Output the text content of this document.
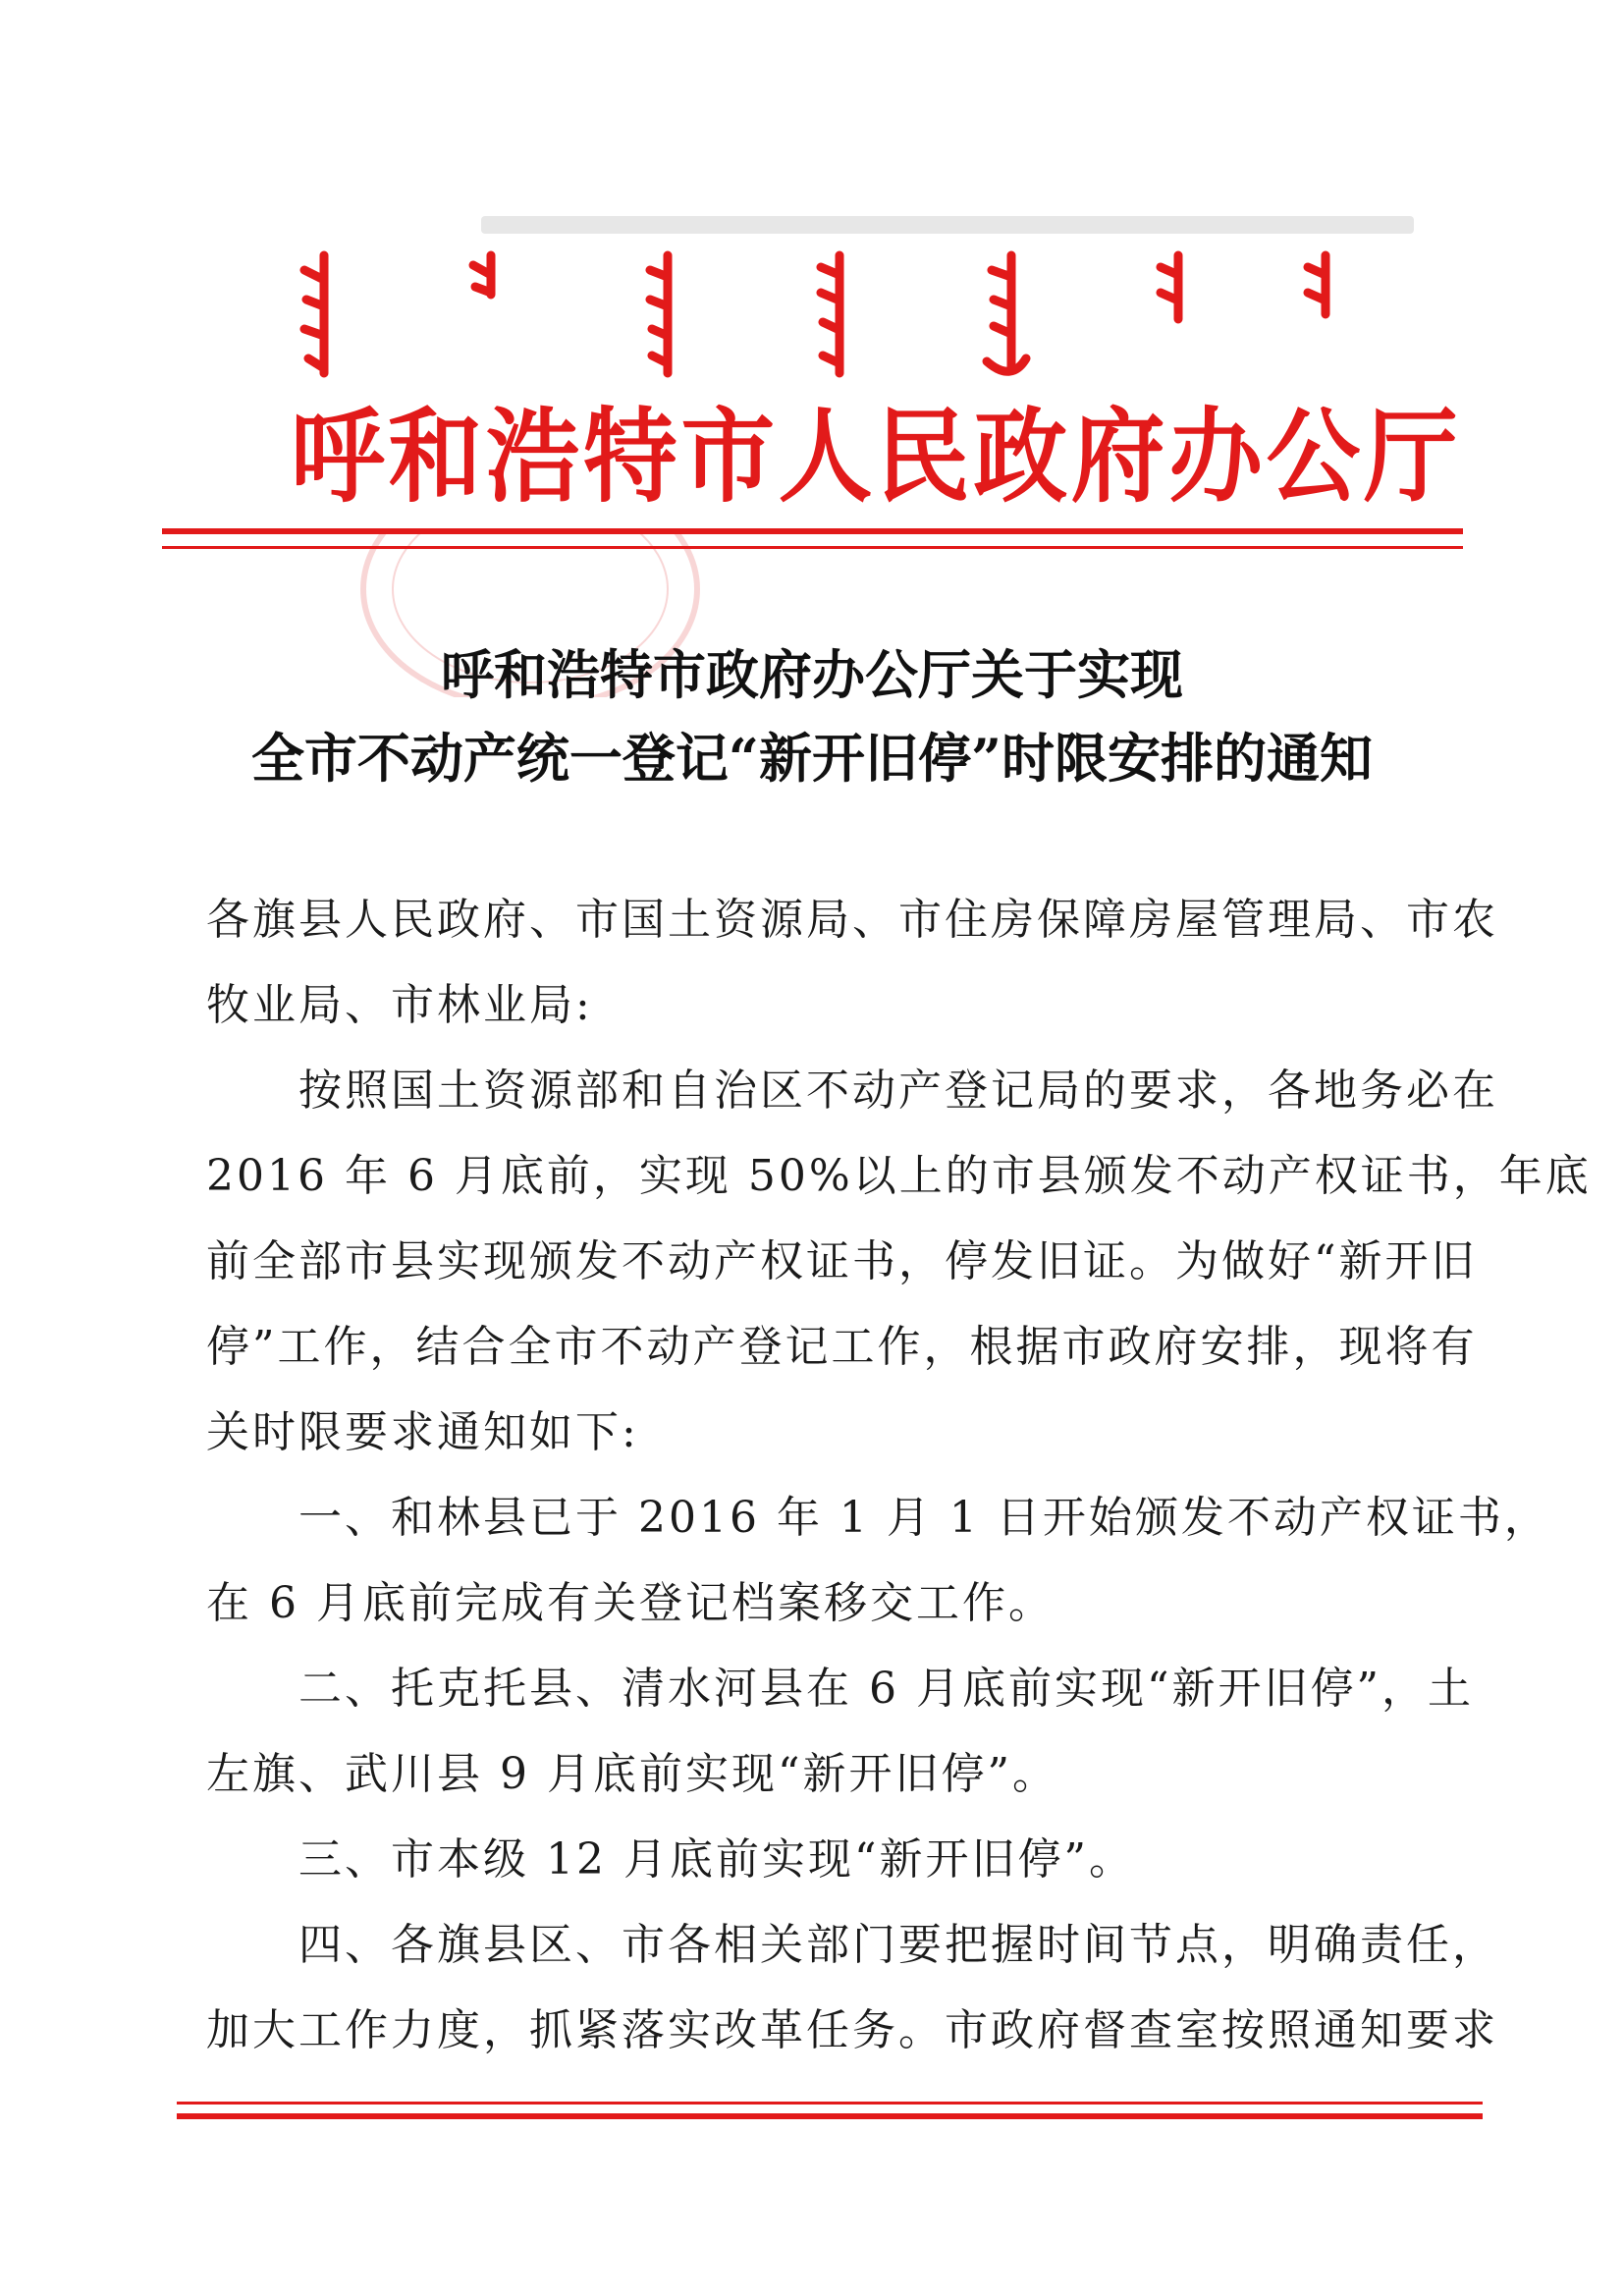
呼和浩特市人民政府办公厅
呼和浩特市政府办公厅关于实现
全市不动产统一登记“新开旧停”时限安排的通知
各旗县人民政府、市国土资源局、市住房保障房屋管理局、市农
牧业局、市林业局:
　　按照国土资源部和自治区不动产登记局的要求，各地务必在
2016 年 6 月底前，实现 50%以上的市县颁发不动产权证书，年底
前全部市县实现颁发不动产权证书，停发旧证。为做好“新开旧
停”工作，结合全市不动产登记工作，根据市政府安排，现将有
关时限要求通知如下:
　　一、和林县已于 2016 年 1 月 1 日开始颁发不动产权证书，
在 6 月底前完成有关登记档案移交工作。
　　二、托克托县、清水河县在 6 月底前实现“新开旧停”，土
左旗、武川县 9 月底前实现“新开旧停”。
　　三、市本级 12 月底前实现“新开旧停”。
　　四、各旗县区、市各相关部门要把握时间节点，明确责任，
加大工作力度，抓紧落实改革任务。市政府督查室按照通知要求
